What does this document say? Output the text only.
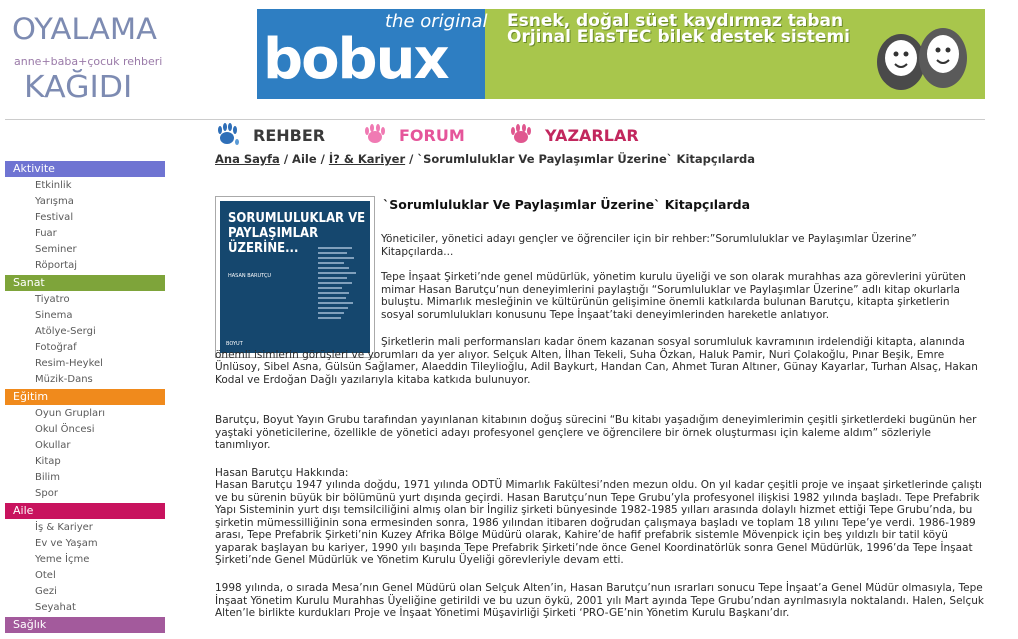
OYALAMA
anne+baba+çocuk rehberi
KAĞIDI
the original
bobux
Esnek, doğal süet kaydırmaz taban
Orjinal ElasTEC bilek destek sistemi
REHBER	FORUM	YAZARLAR
Aktivite
Etkinlik
Yarışma
Festival
Fuar
Seminer
Röportaj
Sanat
Tiyatro
Sinema
Atölye-Sergi
Fotoğraf
Resim-Heykel
Müzik-Dans
Eğitim
Oyun Grupları
Okul Öncesi
Okullar
Kitap
Bilim
Spor
Aile
İş & Kariyer
Ev ve Yaşam
Yeme İçme
Otel
Gezi
Seyahat
Sağlık
Ana Sayfa / Aile / İ? & Kariyer / `Sorumluluklar Ve Paylaşımlar Üzerine` Kitapçılarda
SORUMLULUKLAR VE PAYLAŞIMLAR ÜZERİNE...
HASAN BARUTÇU
BOYUT
`Sorumluluklar Ve Paylaşımlar Üzerine` Kitapçılarda
Yöneticiler, yönetici adayı gençler ve öğrenciler için bir rehber:”Sorumluluklar ve Paylaşımlar Üzerine” Kitapçılarda...
Tepe İnşaat Şirketi’nde genel müdürlük, yönetim kurulu üyeliği ve son olarak murahhas aza görevlerini yürüten mimar Hasan Barutçu’nun deneyimlerini paylaştığı “Sorumluluklar ve Paylaşımlar Üzerine” adlı kitap okurlarla buluştu. Mimarlık mesleğinin ve kültürünün gelişimine önemli katkılarda bulunan Barutçu, kitapta şirketlerin sosyal sorumlulukları konusunu Tepe İnşaat’taki deneyimlerinden hareketle anlatıyor.
Şirketlerin mali performansları kadar önem kazanan sosyal sorumluluk kavramının irdelendiği kitapta, alanında önemli isimlerin görüşleri ve yorumları da yer alıyor. Selçuk Alten, İlhan Tekeli, Suha Özkan, Haluk Pamir, Nuri Çolakoğlu, Pınar Beşik, Emre Ünlüsoy, Sibel Asna, Gülsün Sağlamer, Alaeddin Tileylioğlu, Adil Baykurt, Handan Can, Ahmet Turan Altıner, Günay Kayarlar, Turhan Alsaç, Hakan Kodal ve Erdoğan Dağlı yazılarıyla kitaba katkıda bulunuyor.
Barutçu, Boyut Yayın Grubu tarafından yayınlanan kitabının doğuş sürecini “Bu kitabı yaşadığım deneyimlerimin çeşitli şirketlerdeki bugünün her yaştaki yöneticilerine, özellikle de yönetici adayı profesyonel gençlere ve öğrencilere bir örnek oluşturması için kaleme aldım” sözleriyle tanımlıyor.
Hasan Barutçu Hakkında:
Hasan Barutçu 1947 yılında doğdu, 1971 yılında ODTÜ Mimarlık Fakültesi’nden mezun oldu. On yıl kadar çeşitli proje ve inşaat şirketlerinde çalıştı ve bu sürenin büyük bir bölümünü yurt dışında geçirdi. Hasan Barutçu’nun Tepe Grubu’yla profesyonel ilişkisi 1982 yılında başladı. Tepe Prefabrik Yapı Sisteminin yurt dışı temsilciliğini almış olan bir İngiliz şirketi bünyesinde 1982-1985 yılları arasında dolaylı hizmet ettiği Tepe Grubu’nda, bu şirketin mümessilliğinin sona ermesinden sonra, 1986 yılından itibaren doğrudan çalışmaya başladı ve toplam 18 yılını Tepe’ye verdi. 1986-1989 arası, Tepe Prefabrik Şirketi’nin Kuzey Afrika Bölge Müdürü olarak, Kahire’de hafif prefabrik sistemle Mövenpick için beş yıldızlı bir tatil köyü yaparak başlayan bu kariyer, 1990 yılı başında Tepe Prefabrik Şirketi’nde önce Genel Koordinatörlük sonra Genel Müdürlük, 1996’da Tepe İnşaat Şirketi’nde Genel Müdürlük ve Yönetim Kurulu Üyeliği görevleriyle devam etti.
1998 yılında, o sırada Mesa’nın Genel Müdürü olan Selçuk Alten’in, Hasan Barutçu’nun ısrarları sonucu Tepe İnşaat’a Genel Müdür olmasıyla, Tepe İnşaat Yönetim Kurulu Murahhas Üyeliğine getirildi ve bu uzun öykü, 2001 yılı Mart ayında Tepe Grubu’ndan ayrılmasıyla noktalandı. Halen, Selçuk Alten’le birlikte kurdukları Proje ve İnşaat Yönetimi Müşavirliği Şirketi ‘PRO-GE’nin Yönetim Kurulu Başkanı’dır.
